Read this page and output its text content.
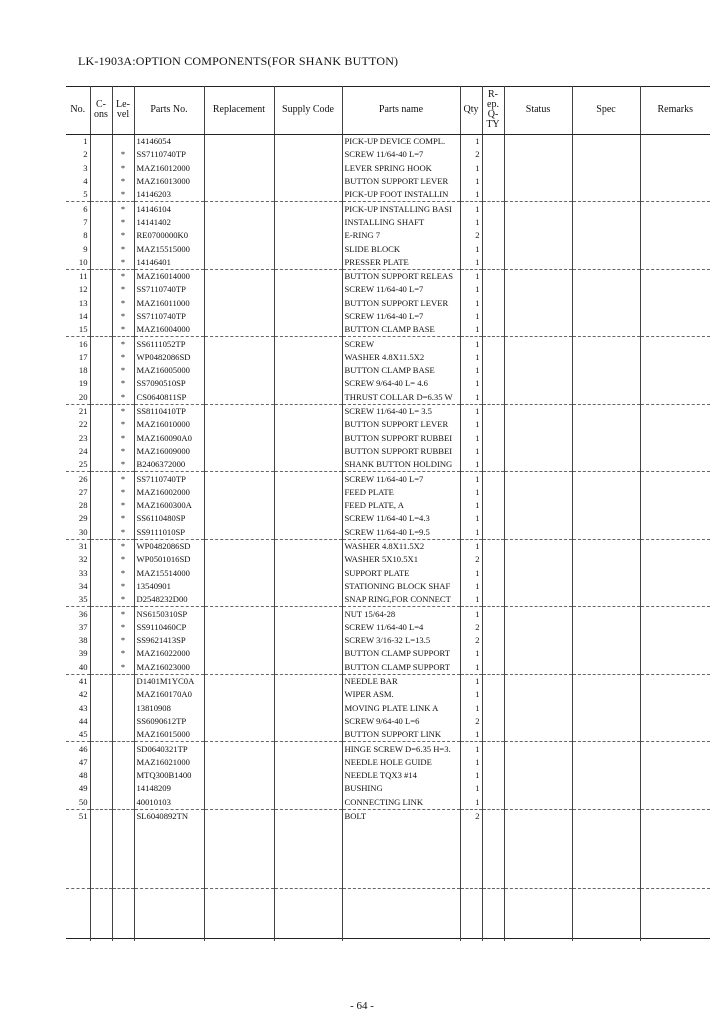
LK-1903A:OPTION COMPONENTS(FOR SHANK BUTTON)
No.	C-ons	Le-vel	Parts No.	Replacement	Supply Code	Parts name	Qty	R-ep. Q-TY	Status	Spec	Remarks
1			14146054			PICK-UP DEVICE COMPL.	1				
2		*	SS7110740TP			SCREW 11/64-40 L=7	2				
3		*	MAZ16012000			LEVER SPRING HOOK	1				
4		*	MAZ16013000			BUTTON SUPPORT LEVER	1				
5		*	14146203			PICK-UP FOOT INSTALLIN	1				
6		*	14146104			PICK-UP INSTALLING BASI	1				
7		*	14141402			INSTALLING SHAFT	1				
8		*	RE0700000K0			E-RING 7	2				
9		*	MAZ15515000			SLIDE BLOCK	1				
10		*	14146401			PRESSER PLATE	1				
11		*	MAZ16014000			BUTTON SUPPORT RELEAS	1				
12		*	SS7110740TP			SCREW 11/64-40 L=7	1				
13		*	MAZ16011000			BUTTON SUPPORT LEVER	1				
14		*	SS7110740TP			SCREW 11/64-40 L=7	1				
15		*	MAZ16004000			BUTTON CLAMP BASE	1				
16		*	SS6111052TP			SCREW	1				
17		*	WP0482086SD			WASHER 4.8X11.5X2	1				
18		*	MAZ16005000			BUTTON CLAMP BASE	1				
19		*	SS7090510SP			SCREW 9/64-40 L= 4.6	1				
20		*	CS0640811SP			THRUST COLLAR D=6.35 W	1				
21		*	SS8110410TP			SCREW 11/64-40 L= 3.5	1				
22		*	MAZ16010000			BUTTON SUPPORT LEVER	1				
23		*	MAZ160090A0			BUTTON SUPPORT RUBBEI	1				
24		*	MAZ16009000			BUTTON SUPPORT RUBBEI	1				
25		*	B2406372000			SHANK BUTTON HOLDING	1				
26		*	SS7110740TP			SCREW 11/64-40 L=7	1				
27		*	MAZ16002000			FEED PLATE	1				
28		*	MAZ1600300A			FEED PLATE, A	1				
29		*	SS6110480SP			SCREW 11/64-40 L=4.3	1				
30		*	SS9111010SP			SCREW 11/64-40 L=9.5	1				
31		*	WP0482086SD			WASHER 4.8X11.5X2	1				
32		*	WP0501016SD			WASHER 5X10.5X1	2				
33		*	MAZ15514000			SUPPORT PLATE	1				
34		*	13540901			STATIONING BLOCK SHAF	1				
35		*	D2548232D00			SNAP RING,FOR CONNECT	1				
36		*	NS6150310SP			NUT 15/64-28	1				
37		*	SS9110460CP			SCREW 11/64-40 L=4	2				
38		*	SS9621413SP			SCREW 3/16-32 L=13.5	2				
39		*	MAZ16022000			BUTTON CLAMP SUPPORT	1				
40		*	MAZ16023000			BUTTON CLAMP SUPPORT	1				
41			D1401M1YC0A			NEEDLE BAR	1				
42			MAZ160170A0			WIPER ASM.	1				
43			13810908			MOVING PLATE LINK A	1				
44			SS6090612TP			SCREW 9/64-40 L=6	2				
45			MAZ16015000			BUTTON SUPPORT LINK	1				
46			SD0640321TP			HINGE SCREW D=6.35 H=3.	1				
47			MAZ16021000			NEEDLE HOLE GUIDE	1				
48			MTQ300B1400			NEEDLE TQX3 #14	1				
49			14148209			BUSHING	1				
50			40010103			CONNECTING LINK	1				
51			SL6040892TN			BOLT	2				

- 64 -
